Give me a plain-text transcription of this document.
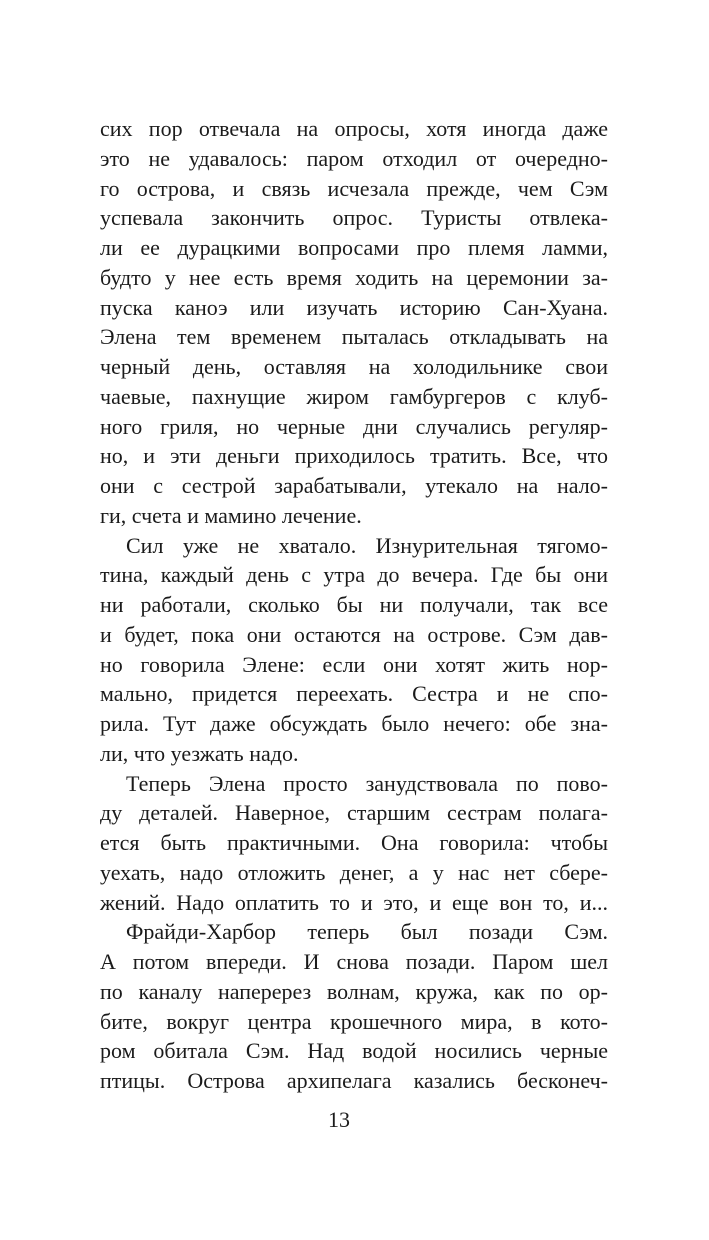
сих пор отвечала на опросы, хотя иногда даже
это не удавалось: паром отходил от очередно-
го острова, и связь исчезала прежде, чем Сэм
успевала закончить опрос. Туристы отвлека-
ли ее дурацкими вопросами про племя ламми,
будто у нее есть время ходить на церемонии за-
пуска каноэ или изучать историю Сан-Хуана.
Элена тем временем пыталась откладывать на
черный день, оставляя на холодильнике свои
чаевые, пахнущие жиром гамбургеров с клуб-
ного гриля, но черные дни случались регуляр-
но, и эти деньги приходилось тратить. Все, что
они с сестрой зарабатывали, утекало на нало-
ги, счета и мамино лечение.
Сил уже не хватало. Изнурительная тягомо-
тина, каждый день с утра до вечера. Где бы они
ни работали, сколько бы ни получали, так все
и будет, пока они остаются на острове. Сэм дав-
но говорила Элене: если они хотят жить нор-
мально, придется переехать. Сестра и не спо-
рила. Тут даже обсуждать было нечего: обе зна-
ли, что уезжать надо.
Теперь Элена просто занудствовала по пово-
ду деталей. Наверное, старшим сестрам полага-
ется быть практичными. Она говорила: чтобы
уехать, надо отложить денег, а у нас нет сбере-
жений. Надо оплатить то и это, и еще вон то, и...
Фрайди-Харбор теперь был позади Сэм.
А потом впереди. И снова позади. Паром шел
по каналу наперерез волнам, кружа, как по ор-
бите, вокруг центра крошечного мира, в кото-
ром обитала Сэм. Над водой носились черные
птицы. Острова архипелага казались бесконеч-
13
